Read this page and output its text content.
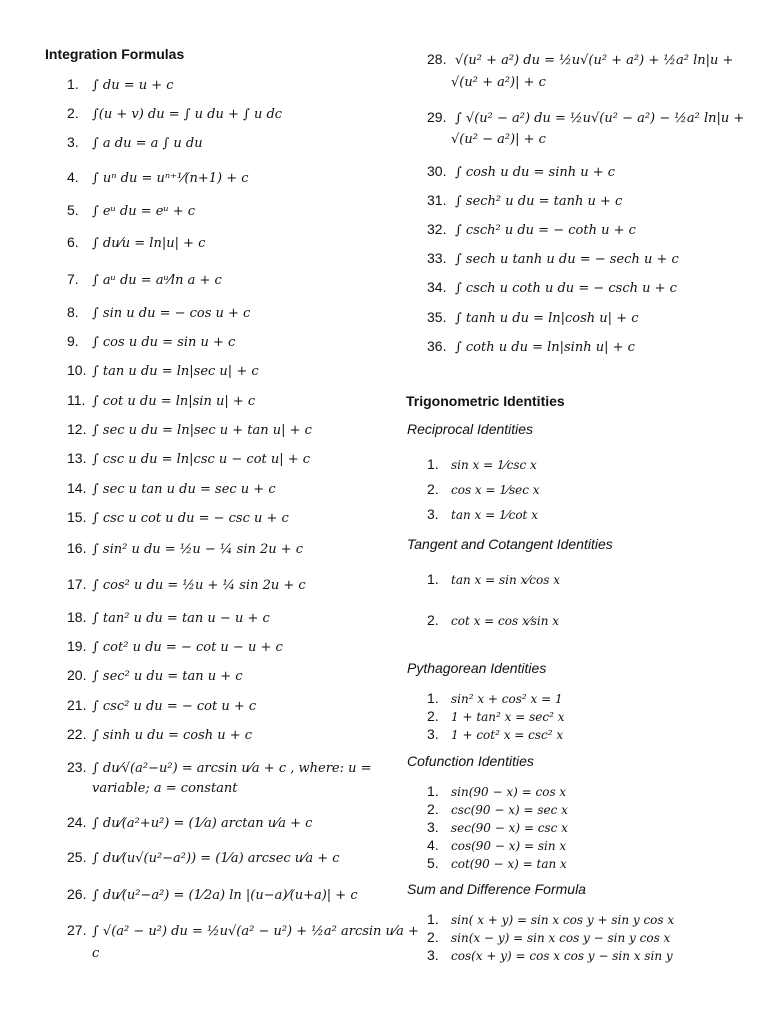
Integration Formulas
1. ∫ du = u + c
2. ∫(u + v) du = ∫ u du + ∫ u dc
3. ∫ a du = a ∫ u du
4. ∫ uⁿ du = uⁿ⁺¹⁄(n+1) + c
5. ∫ eᵘ du = eᵘ + c
6. ∫ du⁄u = ln|u| + c
7. ∫ aᵘ du = aᵘ⁄ln a + c
8. ∫ sin u du = − cos u + c
9. ∫ cos u du = sin u + c
10. ∫ tan u du = ln|sec u| + c
11. ∫ cot u du = ln|sin u| + c
12. ∫ sec u du = ln|sec u + tan u| + c
13. ∫ csc u du = ln|csc u − cot u| + c
14. ∫ sec u tan u du = sec u + c
15. ∫ csc u cot u du = − csc u + c
16. ∫ sin² u du = ½u − ¼ sin 2u + c
17. ∫ cos² u du = ½u + ¼ sin 2u + c
18. ∫ tan² u du = tan u − u + c
19. ∫ cot² u du = − cot u − u + c
20. ∫ sec² u du = tan u + c
21. ∫ csc² u du = − cot u + c
22. ∫ sinh u du = cosh u + c
23. ∫ du⁄√(a²−u²) = arcsin u⁄a + c , where: u =
variable; a = constant
24. ∫ du⁄(a²+u²) = (1⁄a) arctan u⁄a + c
25. ∫ du⁄(u√(u²−a²)) = (1⁄a) arcsec u⁄a + c
26. ∫ du⁄(u²−a²) = (1⁄2a) ln |(u−a)⁄(u+a)| + c
27. ∫ √(a² − u²) du = ½u√(a² − u²) + ½a² arcsin u⁄a +
c
28. √(u² + a²) du = ½u√(u² + a²) + ½a² ln|u +
√(u² + a²)| + c
29. ∫ √(u² − a²) du = ½u√(u² − a²) − ½a² ln|u +
√(u² − a²)| + c
30. ∫ cosh u du = sinh u + c
31. ∫ sech² u du = tanh u + c
32. ∫ csch² u du = − coth u + c
33. ∫ sech u tanh u du = − sech u + c
34. ∫ csch u coth u du = − csch u + c
35. ∫ tanh u du = ln|cosh u| + c
36. ∫ coth u du = ln|sinh u| + c
Trigonometric Identities
Reciprocal Identities
1. sin x = 1⁄csc x
2. cos x = 1⁄sec x
3. tan x = 1⁄cot x
Tangent and Cotangent Identities
1. tan x = sin x⁄cos x
2. cot x = cos x⁄sin x
Pythagorean Identities
1. sin² x + cos² x = 1
2. 1 + tan² x = sec² x
3. 1 + cot² x = csc² x
Cofunction Identities
1. sin(90 − x) = cos x
2. csc(90 − x) = sec x
3. sec(90 − x) = csc x
4. cos(90 − x) = sin x
5. cot(90 − x) = tan x
Sum and Difference Formula
1. sin( x + y) = sin x cos y + sin y cos x
2. sin(x − y) = sin x cos y − sin y cos x
3. cos(x + y) = cos x cos y − sin x sin y
